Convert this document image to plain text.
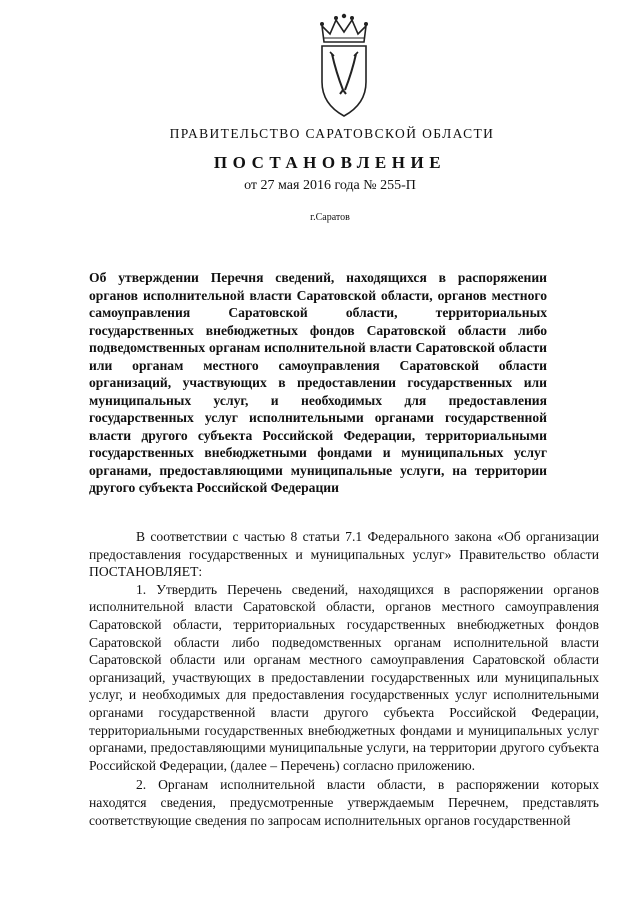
ПРАВИТЕЛЬСТВО САРАТОВСКОЙ ОБЛАСТИ
ПОСТАНОВЛЕНИЕ
от 27 мая 2016 года № 255-П
г.Саратов
Об утверждении Перечня сведений, находящихся в распоряжении органов исполнительной власти Саратовской области, органов местного самоуправления Саратовской области, территориальных государственных внебюджетных фондов Саратовской области либо подведомственных органам исполнительной власти Саратовской области или органам местного самоуправления Саратовской области организаций, участвующих в предоставлении государственных или муниципальных услуг, и необходимых для предоставления государственных услуг исполнительными органами государственной власти другого субъекта Российской Федерации, территориальными государственных внебюджетными фондами и муниципальных услуг органами, предоставляющими муниципальные услуги, на территории другого субъекта Российской Федерации

В соответствии с частью 8 статьи 7.1 Федерального закона «Об организации предоставления государственных и муниципальных услуг» Правительство области ПОСТАНОВЛЯЕТ:

1. Утвердить Перечень сведений, находящихся в распоряжении органов исполнительной власти Саратовской области, органов местного самоуправления Саратовской области, территориальных государственных внебюджетных фондов Саратовской области либо подведомственных органам исполнительной власти Саратовской области или органам местного самоуправления Саратовской области организаций, участвующих в предоставлении государственных или муниципальных услуг, и необходимых для предоставления государственных услуг исполнительными органами государственной власти другого субъекта Российской Федерации, территориальными государственных внебюджетных фондами и муниципальных услуг органами, предоставляющими муниципальные услуги, на территории другого субъекта Российской Федерации, (далее – Перечень) согласно приложению.

2. Органам исполнительной власти области, в распоряжении которых находятся сведения, предусмотренные утверждаемым Перечнем, представлять соответствующие сведения по запросам исполнительных органов государственной
